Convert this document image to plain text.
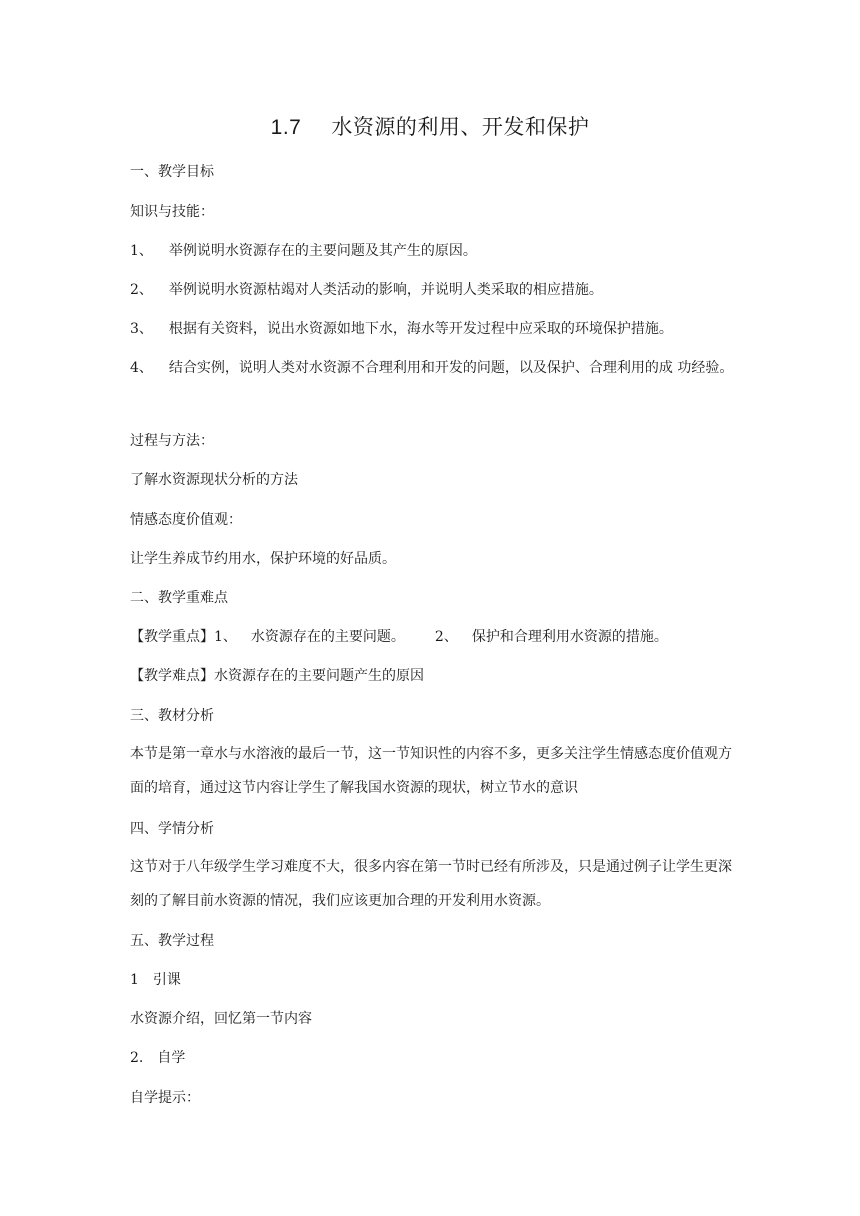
1.7 水资源的利用、开发和保护
一、教学目标
知识与技能：
1、 举例说明水资源存在的主要问题及其产生的原因。
2、 举例说明水资源枯竭对人类活动的影响，并说明人类采取的相应措施。
3、 根据有关资料，说出水资源如地下水，海水等开发过程中应采取的环境保护措施。
4、 结合实例，说明人类对水资源不合理利用和开发的问题，以及保护、合理利用的成 功经验。
过程与方法：
了解水资源现状分析的方法
情感态度价值观：
让学生养成节约用水，保护环境的好品质。
二、教学重难点
【教学重点】1、 水资源存在的主要问题。 2、 保护和合理利用水资源的措施。
【教学难点】水资源存在的主要问题产生的原因
三、教材分析
本节是第一章水与水溶液的最后一节，这一节知识性的内容不多，更多关注学生情感态度价值观方面的培育，通过这节内容让学生了解我国水资源的现状，树立节水的意识
四、学情分析
这节对于八年级学生学习难度不大，很多内容在第一节时已经有所涉及，只是通过例子让学生更深刻的了解目前水资源的情况，我们应该更加合理的开发利用水资源。
五、教学过程
1 引课
水资源介绍，回忆第一节内容
2. 自学
自学提示：
